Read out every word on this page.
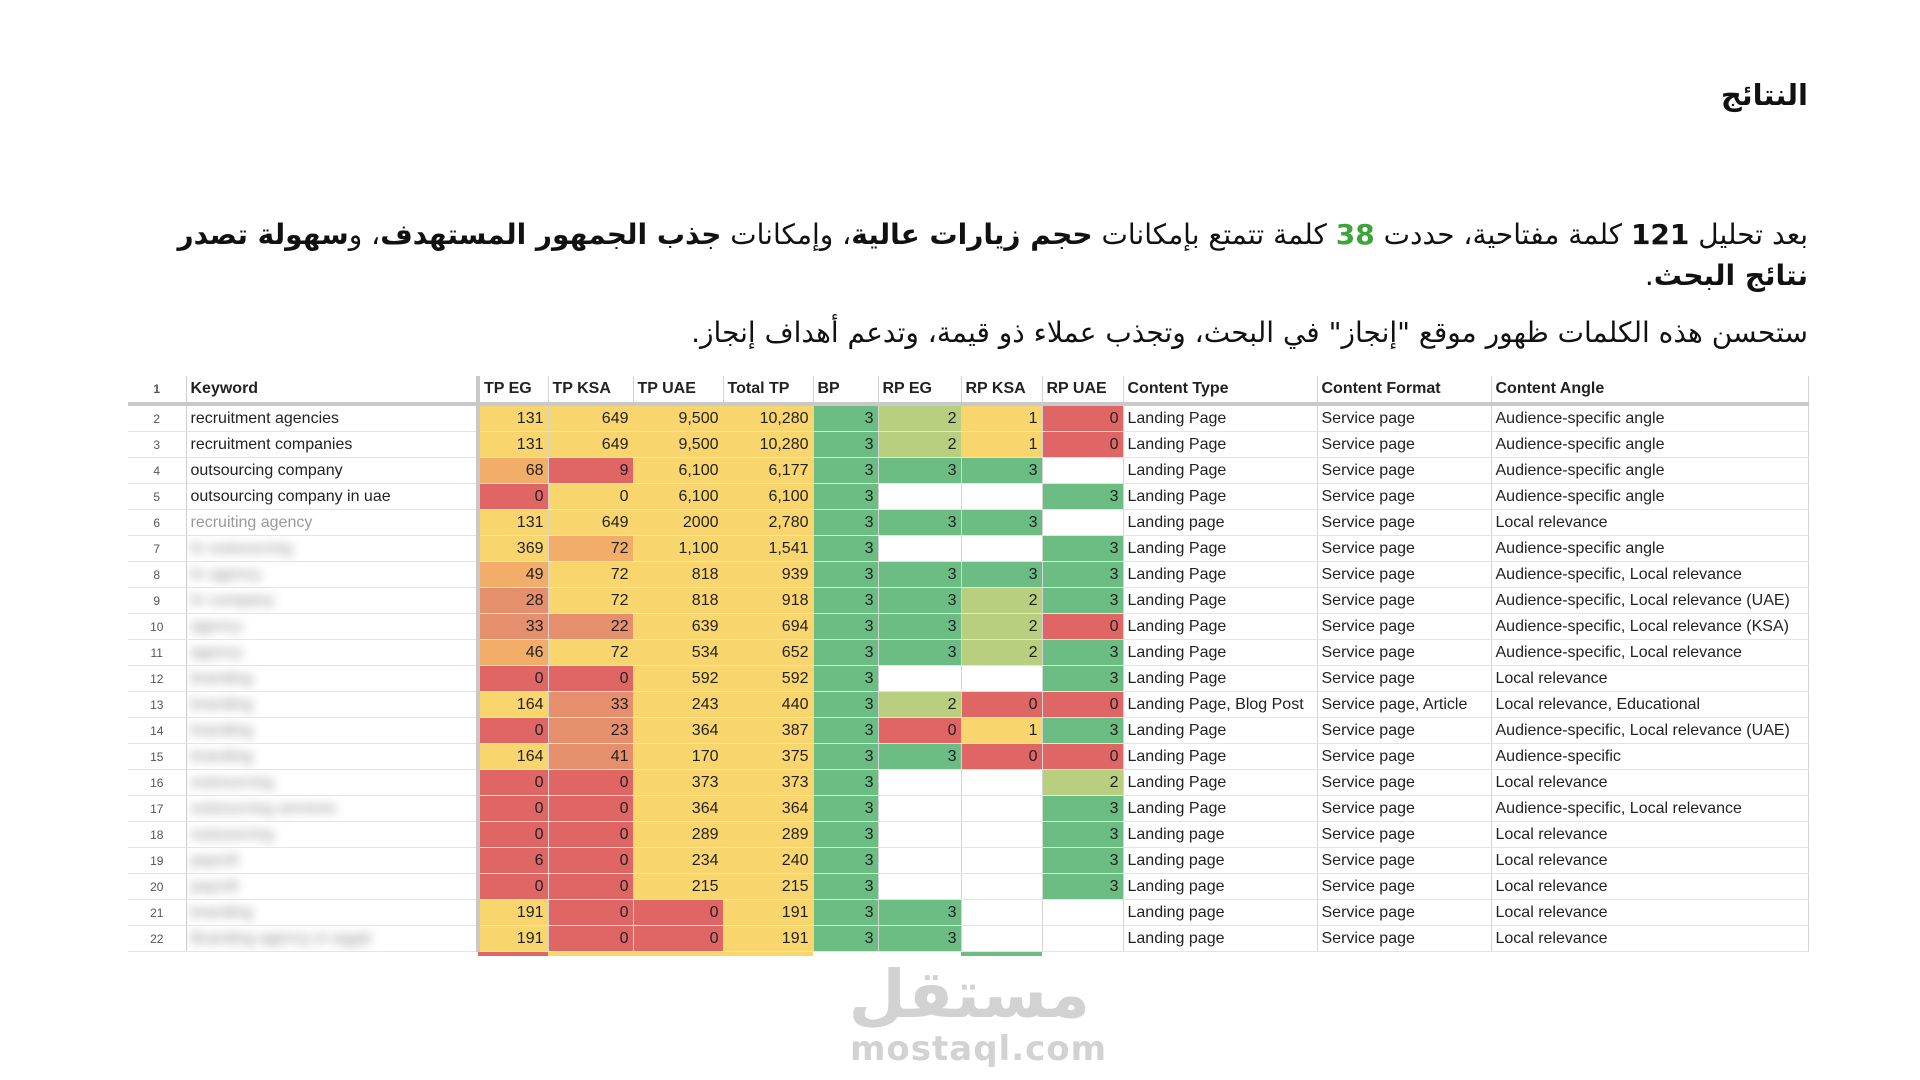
النتائج

بعد تحليل 121 كلمة مفتاحية، حددت 38 كلمة تتمتع بإمكانات حجم زيارات عالية، وإمكانات جذب الجمهور المستهدف، وسهولة تصدر نتائج البحث.

ستحسن هذه الكلمات ظهور موقع "إنجاز" في البحث، وتجذب عملاء ذو قيمة، وتدعم أهداف إنجاز.

1	Keyword	TP EG	TP KSA	TP UAE	Total TP	BP	RP EG	RP KSA	RP UAE	Content Type	Content Format	Content Angle
2	recruitment agencies	131	649	9,500	10,280	3	2	1	0	Landing Page	Service page	Audience-specific angle
3	recruitment companies	131	649	9,500	10,280	3	2	1	0	Landing Page	Service page	Audience-specific angle
4	outsourcing company	68	9	6,100	6,177	3	3	3		Landing Page	Service page	Audience-specific angle
5	outsourcing company in uae	0	0	6,100	6,100	3			3	Landing Page	Service page	Audience-specific angle
6	recruiting agency	131	649	2000	2,780	3	3	3		Landing page	Service page	Local relevance
7	hr outsourcing	369	72	1,100	1,541	3			3	Landing Page	Service page	Audience-specific angle
8	hr agency	49	72	818	939	3	3	3	3	Landing Page	Service page	Audience-specific, Local relevance
9	hr company	28	72	818	918	3	3	2	3	Landing Page	Service page	Audience-specific, Local relevance (UAE)
10	agency	33	22	639	694	3	3	2	0	Landing Page	Service page	Audience-specific, Local relevance (KSA)
11	agency	46	72	534	652	3	3	2	3	Landing Page	Service page	Audience-specific, Local relevance
12	branding	0	0	592	592	3			3	Landing Page	Service page	Local relevance
13	branding	164	33	243	440	3	2	0	0	Landing Page, Blog Post	Service page, Article	Local relevance, Educational
14	branding	0	23	364	387	3	0	1	3	Landing Page	Service page	Audience-specific, Local relevance (UAE)
15	branding	164	41	170	375	3	3	0	0	Landing Page	Service page	Audience-specific
16	outsourcing	0	0	373	373	3			2	Landing Page	Service page	Local relevance
17	outsourcing services	0	0	364	364	3			3	Landing Page	Service page	Audience-specific, Local relevance
18	outsourcing	0	0	289	289	3			3	Landing page	Service page	Local relevance
19	payroll	6	0	234	240	3			3	Landing page	Service page	Local relevance
20	payroll	0	0	215	215	3			3	Landing page	Service page	Local relevance
21	branding	191	0	0	191	3	3			Landing page	Service page	Local relevance
22	Branding agency in egypt	191	0	0	191	3	3			Landing page	Service page	Local relevance

مستقل
mostaql.com
